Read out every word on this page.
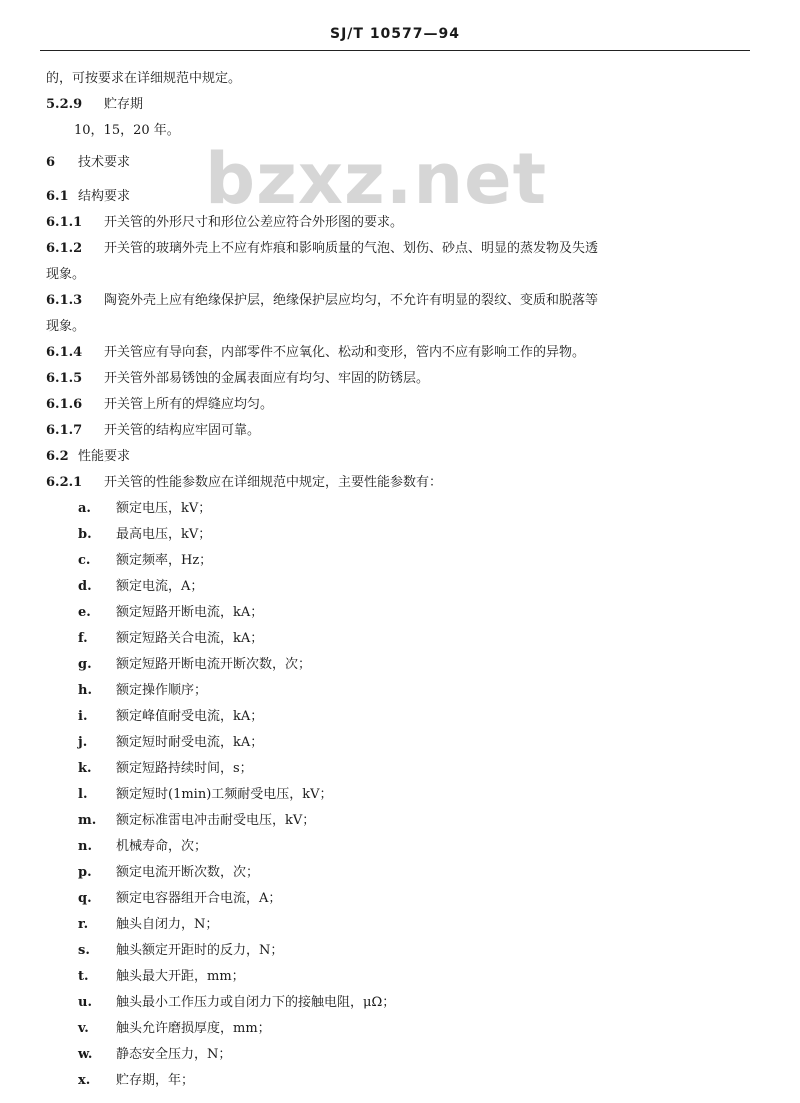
SJ/T 10577—94
bzxz.net
的，可按要求在详细规范中规定。
5.2.9 贮存期
10，15，20 年。
6 技术要求
6.1 结构要求
6.1.1 开关管的外形尺寸和形位公差应符合外形图的要求。
6.1.2 开关管的玻璃外壳上不应有炸痕和影响质量的气泡、划伤、砂点、明显的蒸发物及失透
现象。
6.1.3 陶瓷外壳上应有绝缘保护层，绝缘保护层应均匀，不允许有明显的裂纹、变质和脱落等
现象。
6.1.4 开关管应有导向套，内部零件不应氧化、松动和变形，管内不应有影响工作的异物。
6.1.5 开关管外部易锈蚀的金属表面应有均匀、牢固的防锈层。
6.1.6 开关管上所有的焊缝应均匀。
6.1.7 开关管的结构应牢固可靠。
6.2 性能要求
6.2.1 开关管的性能参数应在详细规范中规定，主要性能参数有：
a. 额定电压，kV；
b. 最高电压，kV；
c. 额定频率，Hz；
d. 额定电流，A；
e. 额定短路开断电流，kA；
f. 额定短路关合电流，kA；
g. 额定短路开断电流开断次数，次；
h. 额定操作顺序；
i. 额定峰值耐受电流，kA；
j. 额定短时耐受电流，kA；
k. 额定短路持续时间，s；
l. 额定短时(1min)工频耐受电压，kV；
m. 额定标准雷电冲击耐受电压，kV；
n. 机械寿命，次；
p. 额定电流开断次数，次；
q. 额定电容器组开合电流，A；
r. 触头自闭力，N；
s. 触头额定开距时的反力，N；
t. 触头最大开距，mm；
u. 触头最小工作压力或自闭力下的接触电阻，μΩ；
v. 触头允许磨损厚度，mm；
w. 静态安全压力，N；
x. 贮存期，年；
